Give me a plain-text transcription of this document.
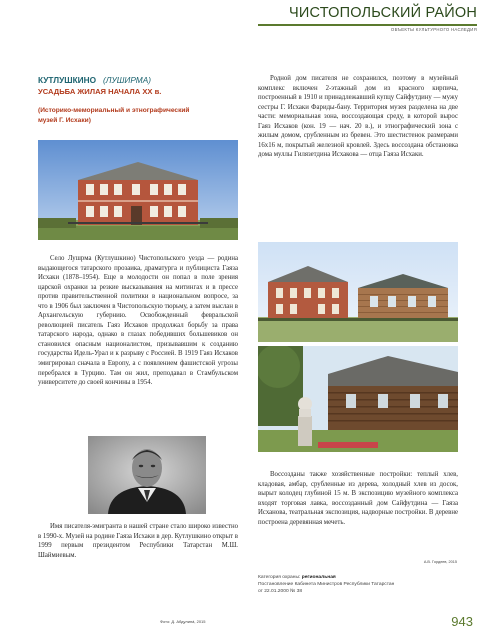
ЧИСТОПОЛЬСКИЙ РАЙОН
ОБЪЕКТЫ КУЛЬТУРНОГО НАСЛЕДИЯ
КУТЛУШКИНО (ЛУШИРМА)
УСАДЬБА ЖИЛАЯ НАЧАЛА XX в.
(Историко-мемориальный и этнографический музей Г. Исхаки)
Родной дом писателя не сохранился, поэтому в музейный комплекс включен 2-этажный дом из красного кирпича, построенный в 1910 и принадлежавший купцу Сайфутдину — мужу сестры Г. Исхаки Фариды-бану. Территория музея разделена на две части: мемориальная зона, воссоздающая среду, в которой вырос Гаяз Исхаков (кон. 19 — нач. 20 в.), и этнографический зона с жилым домом, срубленным из бревен. Это шестистенок размерами 16х16 м, покрытый железной кровлей. Здесь воссоздана обстановка дома муллы Гилязетдина Исхакова — отца Гаяза Исхаки.
Село Лушрма (Кутлушкино) Чистопольского уезда — родина выдающегося татарского прозаика, драматурга и публициста Гаяза Исхаки (1878–1954). Еще в молодости он попал в поле зрения царской охранки за резкие высказывания на митингах и в прессе против правительственной политики в национальном вопросе, за что в 1906 был заключен в Чистопольскую тюрьму, а затем выслан в Архангельскую губернию. Освобожденный февральской революцией писатель Гаяз Исхаков продолжал борьбу за права татарского народа, однако в глазах победивших большевиков он становился опасным националистом, призывавшим к созданию государства Идель-Урал и к разрыву с Россией. В 1919 Гаяз Исхаков эмигрировал сначала в Европу, а с появлением фашистской угрозы перебрался в Турцию. Там он жил, преподавал в Стамбульском университете до своей кончины в 1954.
Имя писателя-эмигранта в нашей стране стало широко известно в 1990-х. Музей на родине Гаяза Исхаки в дер. Кутлушкино открыт в 1999 первым президентом Республики Татарстан М.Ш. Шаймиевым.
Воссозданы также хозяйственные постройки: теплый хлев, кладовая, амбар, срубленные из дерева, холодный хлев из досок, вырыт колодец глубиной 15 м. В экспозицию музейного комплекса входят торговая лавка, воссозданный дом Сайфутдина — Гаяза Исханова, театральная экспозиция, надворные постройки. В деревне построена деревянная мечеть.
А.В. Гордеев, 2015
Категория охраны: региональная
Постановление Кабинета Министров Республики Татарстан
от 22.01.2000 № 38
Фото: Д. Абдулина́, 2015	943
